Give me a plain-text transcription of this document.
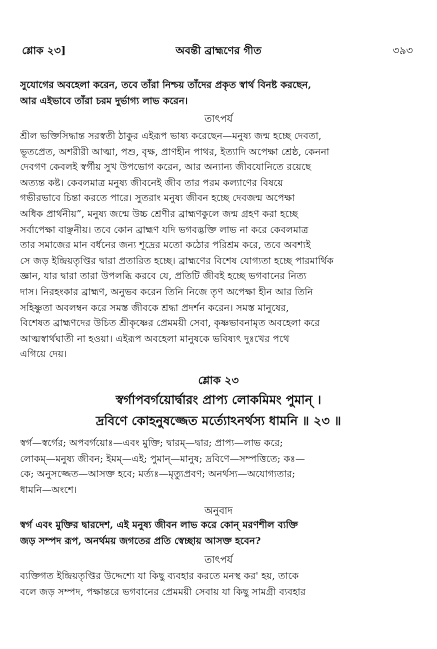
শ্লোক ২৩]	অবন্তী ব্রাহ্মণের গীত	৩৯৩
সুযোগের অবহেলা করেন, তবে তাঁরা নিশ্চয় তাঁদের প্রকৃত স্বার্থ বিনষ্ট করছেন,
আর এইভাবে তাঁরা চরম দুর্ভাগ্য লাভ করেন।
তাৎপর্য
শ্রীল ভক্তিসিদ্ধান্ত সরস্বতী ঠাকুর এইরূপ ভাষ্য করেছেন—মনুষ্য জন্ম হচ্ছে দেবতা,
ভূতপ্রেত, অশরীরী আত্মা, পশু, বৃক্ষ, প্রাণহীন পাথর, ইত্যাদি অপেক্ষা শ্রেষ্ঠ, কেননা
দেবগণ কেবলই স্বর্গীয় সুখ উপভোগ করেন, আর অন্যান্য জীবযোনিতে রয়েছে
অত্যন্ত কষ্ট। কেবলমাত্র মনুষ্য জীবনেই জীব তার পরম কল্যাণের বিষয়ে
গভীরভাবে চিন্তা করতে পারে। সুতরাং মনুষ্য জীবন হচ্ছে দেবজন্ম অপেক্ষা
অধিক প্রার্থনীয়”, মনুষ্য জন্মে উচ্চ শ্রেণীর ব্রাহ্মণকুলে জন্ম গ্রহণ করা হচ্ছে
সর্বাপেক্ষা বাঞ্ছনীয়। তবে কোন ব্রাহ্মণ যদি ভগবদ্ভক্তি লাভ না করে কেবলমাত্র
তার সমাজের মান বর্ধনের জন্য শূদ্রের মতো কঠোর পরিশ্রম করে, তবে অবশ্যই
সে জড় ইন্দ্রিয়তৃপ্তির দ্বারা প্রতারিত হচ্ছে। ব্রাহ্মণের বিশেষ যোগ্যতা হচ্ছে পারমার্থিক
জ্ঞান, যার দ্বারা তারা উপলব্ধি করবে যে, প্রতিটি জীবই হচ্ছে ভগবানের নিত্য
দাস। নিরহংকার ব্রাহ্মণ, অনুভব করেন তিনি নিজে তৃণ অপেক্ষা হীন আর তিনি
সহিষ্ণুতা অবলম্বন করে সমস্ত জীবকে শ্রদ্ধা প্রদর্শন করেন। সমস্ত মানুষের,
বিশেষত ব্রাহ্মণদের উচিত শ্রীকৃষ্ণের প্রেমময়ী সেবা, কৃষ্ণভাবনামৃত অবহেলা করে
আত্মস্বার্থঘাতী না হওয়া। এইরূপ অবহেলা মানুষকে ভবিষ্যৎ দুঃখের পথে
এগিয়ে দেয়।
শ্লোক ২৩
স্বর্গাপবর্গয়োর্দ্বারং প্রাপ্য লোকমিমং পুমান্ ।
দ্রবিণে কোহনুষজ্জেত মর্ত্যোঽনর্থস্য ধামনি ॥ ২৩ ॥
স্বর্গ—স্বর্গের; অপবর্গয়োঃ—এবং মুক্তি; দ্বারম্—দ্বার; প্রাপ্য—লাভ করে;
লোকম্—মনুষ্য জীবন; ইমম্—এই; পুমান্—মানুষ; দ্রবিণে—সম্পত্তিতে; কঃ—
কে; অনুসজ্জেত—আসক্ত হবে; মর্ত্যঃ—মৃত্যুপ্রবণ; অনর্থস্য—অযোগ্যতার;
ধামনি—অংশে।
অনুবাদ
স্বর্গ এবং মুক্তির দ্বারদেশ, এই মনুষ্য জীবন লাভ করে কোন্ মরণশীল ব্যক্তি
জড় সম্পদ রূপ, অনর্থময় জগতের প্রতি স্বেচ্ছায় আসক্ত হবেন?
তাৎপর্য
ব্যক্তিগত ইন্দ্রিয়তৃপ্তির উদ্দেশ্যে যা কিছু ব্যবহার করতে মনস্থ কর' হয়, তাকে
বলে জড় সম্পদ, পক্ষান্তরে ভগবানের প্রেমময়ী সেবায় যা কিছু সামগ্রী ব্যবহার
